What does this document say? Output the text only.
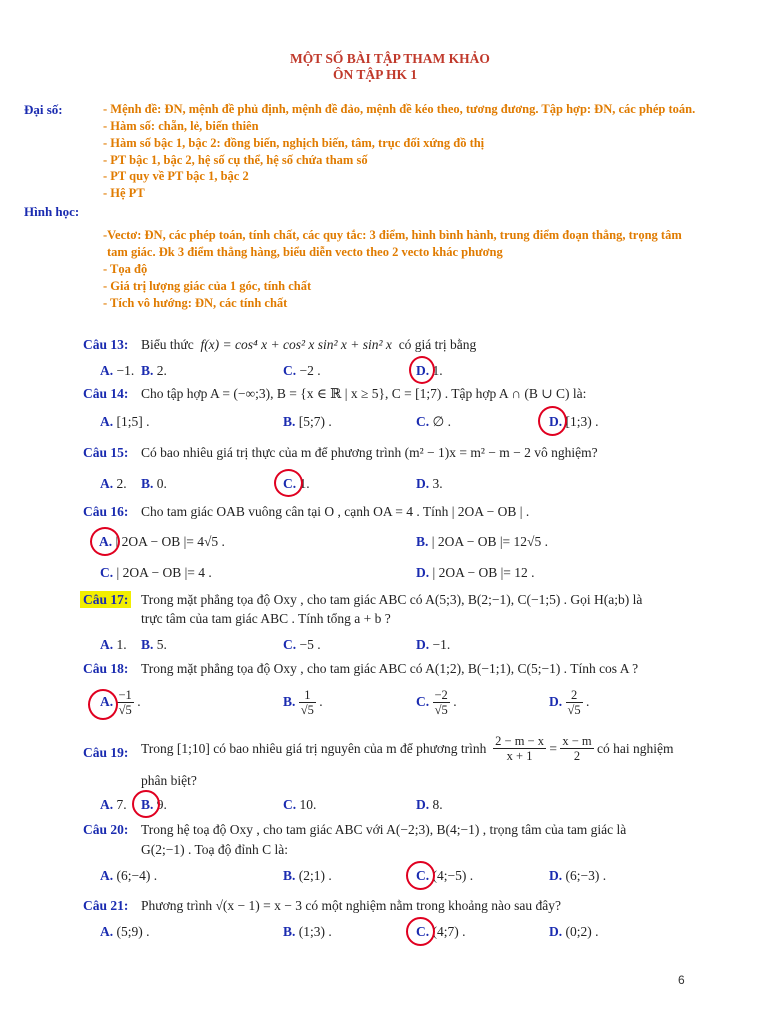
MỘT SỐ BÀI TẬP THAM KHẢO
ÔN TẬP HK 1
Đại số:	- Mệnh đề: ĐN, mệnh đề phủ định, mệnh đề đảo, mệnh đề kéo theo, tương đương. Tập hợp: ĐN, các phép toán.
- Hàm số: chẵn, lẻ, biến thiên
- Hàm số bậc 1, bậc 2: đồng biến, nghịch biến, tâm, trục đối xứng đồ thị
- PT bậc 1, bậc 2, hệ số cụ thể, hệ số chứa tham số
- PT quy về PT bậc 1, bậc 2
- Hệ PT
Hình học:
-Vectơ: ĐN, các phép toán, tính chất, các quy tắc: 3 điểm, hình bình hành, trung điểm đoạn thẳng, trọng tâm
tam giác. Đk 3 điểm thẳng hàng, biểu diễn vecto theo 2 vecto khác phương
- Tọa độ
- Giá trị lượng giác của 1 góc, tính chất
- Tích vô hướng: ĐN, các tính chất
Câu 13: Biểu thức f(x) = cos⁴ x + cos² x sin² x + sin² x có giá trị bằng
A. −1. B. 2.	C. −2 .	D. 1.
Câu 14: Cho tập hợp A = (−∞;3), B = {x ∈ ℝ | x ≥ 5}, C = [1;7) . Tập hợp A ∩ (B ∪ C) là:
A. [1;5] .	B. [5;7) .	C. ∅ .	D. [1;3) .
Câu 15: Có bao nhiêu giá trị thực của m để phương trình (m² − 1)x = m² − m − 2 vô nghiệm?
A. 2. B. 0.	C. 1.	D. 3.
Câu 16: Cho tam giác OAB vuông cân tại O , cạnh OA = 4 . Tính | 2OA − OB | .
A. | 2OA − OB |= 4√5 .	B. | 2OA − OB |= 12√5 .
C. | 2OA − OB |= 4 .	D. | 2OA − OB |= 12 .
Câu 17: Trong mặt phẳng tọa độ Oxy , cho tam giác ABC có A(5;3), B(2;−1), C(−1;5) . Gọi H(a;b) là
trực tâm của tam giác ABC . Tính tổng a + b ?
A. 1. B. 5.	C. −5 .	D. −1.
Câu 18: Trong mặt phẳng tọa độ Oxy , cho tam giác ABC có A(1;2), B(−1;1), C(5;−1) . Tính cos A ?
A. $\frac{-1}{√5}$ .	B. $\frac{1}{√5}$ .	C. $\frac{-2}{√5}$ .	D. $\frac{2}{√5}$ .
Câu 19: Trong [1;10] có bao nhiêu giá trị nguyên của m để phương trình $\frac{2 - m - x}{x + 1} = \frac{x - m}{2}$ có hai nghiệm
phân biệt?
A. 7. B. 9.	C. 10.	D. 8.
Câu 20: Trong hệ toạ độ Oxy , cho tam giác ABC với A(−2;3), B(4;−1) , trọng tâm của tam giác là
G(2;−1) . Toạ độ đỉnh C là:
A. (6;−4) .	B. (2;1) .	C. (4;−5) .	D. (6;−3) .
Câu 21: Phương trình √(x − 1) = x − 3 có một nghiệm nằm trong khoảng nào sau đây?
A. (5;9) .	B. (1;3) .	C. (4;7) .	D. (0;2) .
6
